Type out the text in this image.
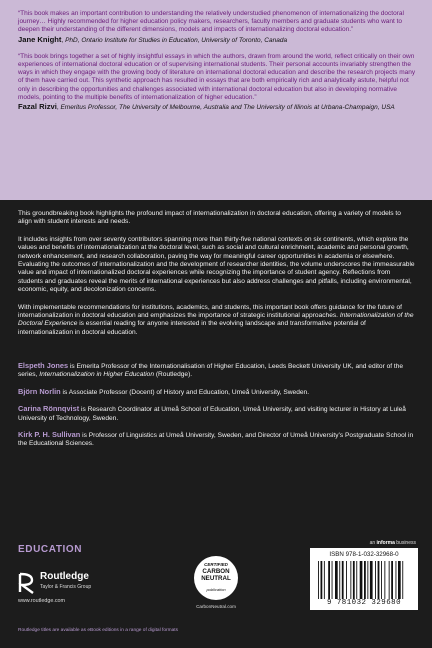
“This book makes an important contribution to understanding the relatively understudied phenomenon of internationalizing the doctoral journey… Highly recommended for higher education policy makers, researchers, faculty members and graduate students who want to deepen their understanding of the different dimensions, models and impacts of internationalizing doctoral education.”

Jane Knight, PhD, Ontario Institute for Studies in Education, University of Toronto, Canada

“This book brings together a set of highly insightful essays in which the authors, drawn from around the world, reflect critically on their own experiences of international doctoral education or of supervising international students. Their personal accounts invariably strengthen the ways in which they engage with the growing body of literature on international doctoral education and describe the research projects many of them have carried out. This synthetic approach has resulted in essays that are both empirically rich and analytically astute, helpful not only in describing the opportunities and challenges associated with international doctoral education but also in developing normative models, pointing to the multiple benefits of internationalization of higher education.”

Fazal Rizvi, Emeritus Professor, The University of Melbourne, Australia and The University of Illinois at Urbana-Champaign, USA

This groundbreaking book highlights the profound impact of internationalization in doctoral education, offering a variety of models to align with student interests and needs.

It includes insights from over seventy contributors spanning more than thirty-five national contexts on six continents, which explore the values and benefits of internationalization at the doctoral level, such as social and cultural enrichment, academic and personal growth, network enhancement, and research collaboration, paving the way for meaningful career opportunities in academia or elsewhere. Evaluating the outcomes of internationalization and the development of researcher identities, the volume underscores the immeasurable value and impact of internationalized doctoral experiences while recognizing the importance of student agency. Reflections from students and graduates reveal the merits of international experiences but also address challenges and pitfalls, including environmental, economic, equity, and decolonization concerns.

With implementable recommendations for institutions, academics, and students, this important book offers guidance for the future of internationalization in doctoral education and emphasizes the importance of strategic institutional approaches. Internationalization of the Doctoral Experience is essential reading for anyone interested in the evolving landscape and transformative potential of internationalization in doctoral education.

Elspeth Jones is Emerita Professor of the Internationalisation of Higher Education, Leeds Beckett University UK, and editor of the series, Internationalization in Higher Education (Routledge).

Björn Norlin is Associate Professor (Docent) of History and Education, Umeå University, Sweden.

Carina Rönnqvist is Research Coordinator at Umeå School of Education, Umeå University, and visiting lecturer in History at Luleå University of Technology, Sweden.

Kirk P. H. Sullivan is Professor of Linguistics at Umeå University, Sweden, and Director of Umeå University’s Postgraduate School in the Educational Sciences.

EDUCATION
Routledge
Taylor & Francis Group
www.routledge.com
CERTIFIED
CARBON NEUTRAL
publication
CarbonNeutral.com
an informa business
ISBN 978-1-032-32968-0
9 781032 329680
Routledge titles are available as eBook editions in a range of digital formats
